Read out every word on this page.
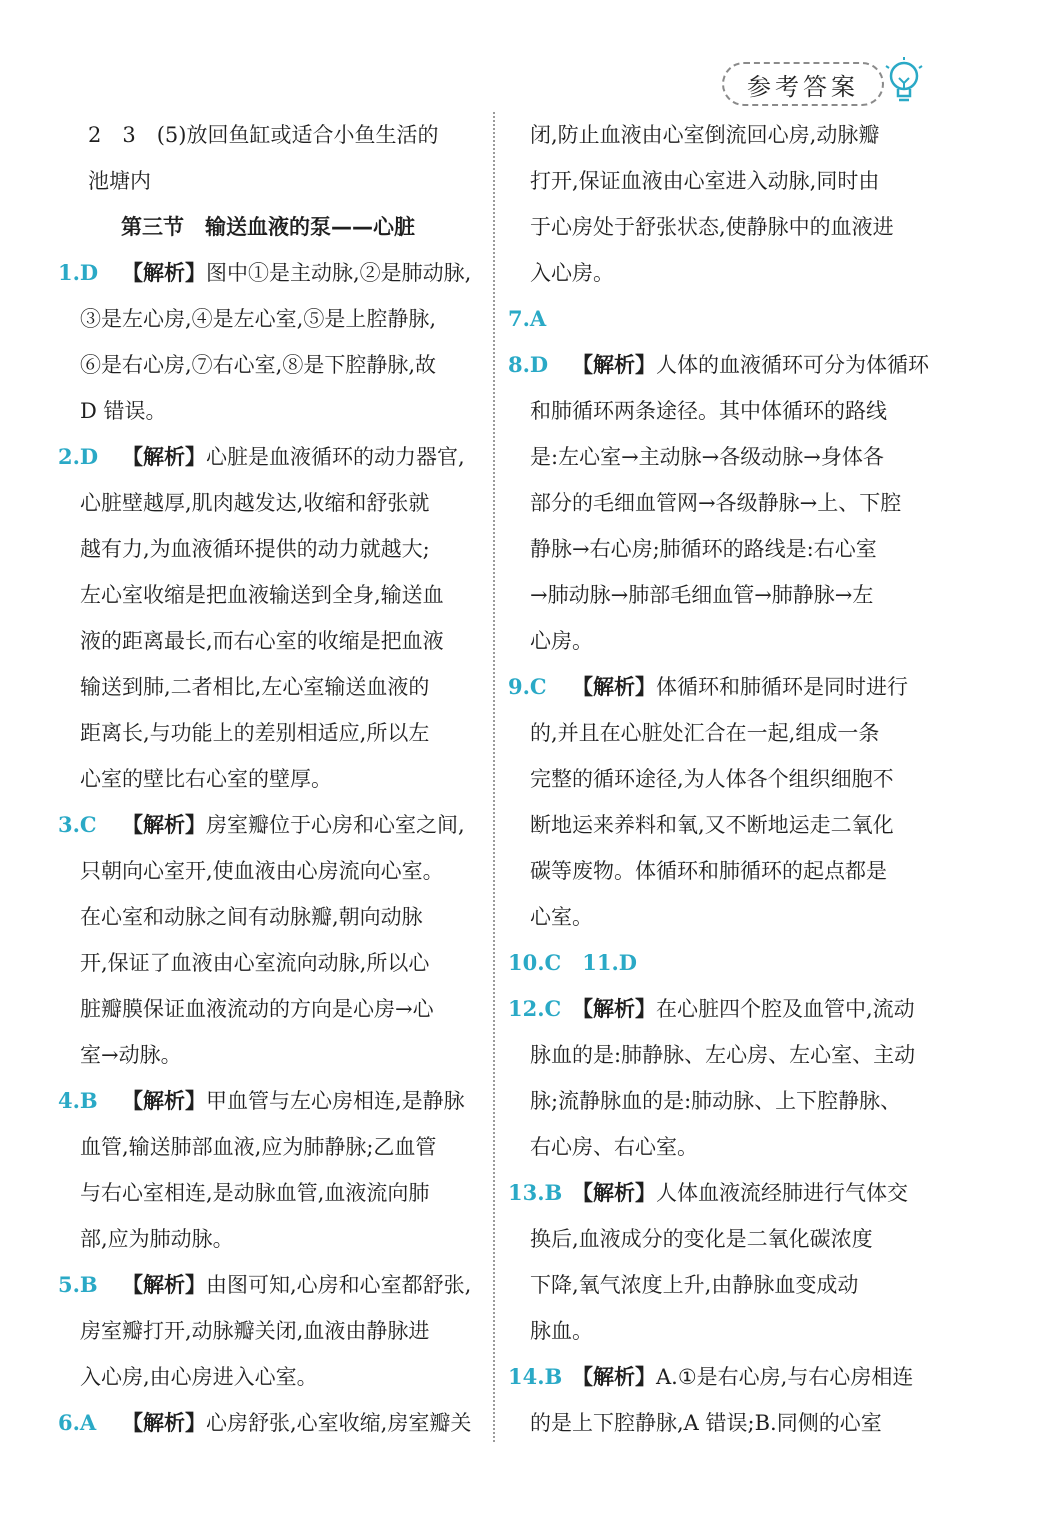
参考答案
2　3　(5)放回鱼缸或适合小鱼生活的
池塘内
第三节　输送血液的泵——心脏
1.D	【解析】图中①是主动脉,②是肺动脉,
③是左心房,④是左心室,⑤是上腔静脉,
⑥是右心房,⑦右心室,⑧是下腔静脉,故
D 错误。
2.D	【解析】心脏是血液循环的动力器官,
心脏壁越厚,肌肉越发达,收缩和舒张就
越有力,为血液循环提供的动力就越大;
左心室收缩是把血液输送到全身,输送血
液的距离最长,而右心室的收缩是把血液
输送到肺,二者相比,左心室输送血液的
距离长,与功能上的差别相适应,所以左
心室的壁比右心室的壁厚。
3.C	【解析】房室瓣位于心房和心室之间,
只朝向心室开,使血液由心房流向心室。
在心室和动脉之间有动脉瓣,朝向动脉
开,保证了血液由心室流向动脉,所以心
脏瓣膜保证血液流动的方向是心房→心
室→动脉。
4.B	【解析】甲血管与左心房相连,是静脉
血管,输送肺部血液,应为肺静脉;乙血管
与右心室相连,是动脉血管,血液流向肺
部,应为肺动脉。
5.B	【解析】由图可知,心房和心室都舒张,
房室瓣打开,动脉瓣关闭,血液由静脉进
入心房,由心房进入心室。
6.A	【解析】心房舒张,心室收缩,房室瓣关
闭,防止血液由心室倒流回心房,动脉瓣
打开,保证血液由心室进入动脉,同时由
于心房处于舒张状态,使静脉中的血液进
入心房。
7.A

8.D	【解析】人体的血液循环可分为体循环
和肺循环两条途径。其中体循环的路线
是:左心室→主动脉→各级动脉→身体各
部分的毛细血管网→各级静脉→上、下腔
静脉→右心房;肺循环的路线是:右心室
→肺动脉→肺部毛细血管→肺静脉→左
心房。
9.C	【解析】体循环和肺循环是同时进行
的,并且在心脏处汇合在一起,组成一条
完整的循环途径,为人体各个组织细胞不
断地运来养料和氧,又不断地运走二氧化
碳等废物。体循环和肺循环的起点都是
心室。
10.C　11.D

12.C 【解析】在心脏四个腔及血管中,流动
脉血的是:肺静脉、左心房、左心室、主动
脉;流静脉血的是:肺动脉、上下腔静脉、
右心房、右心室。
13.B 【解析】人体血液流经肺进行气体交
换后,血液成分的变化是二氧化碳浓度
下降,氧气浓度上升,由静脉血变成动
脉血。
14.B 【解析】A.①是右心房,与右心房相连
的是上下腔静脉,A 错误;B.同侧的心室
